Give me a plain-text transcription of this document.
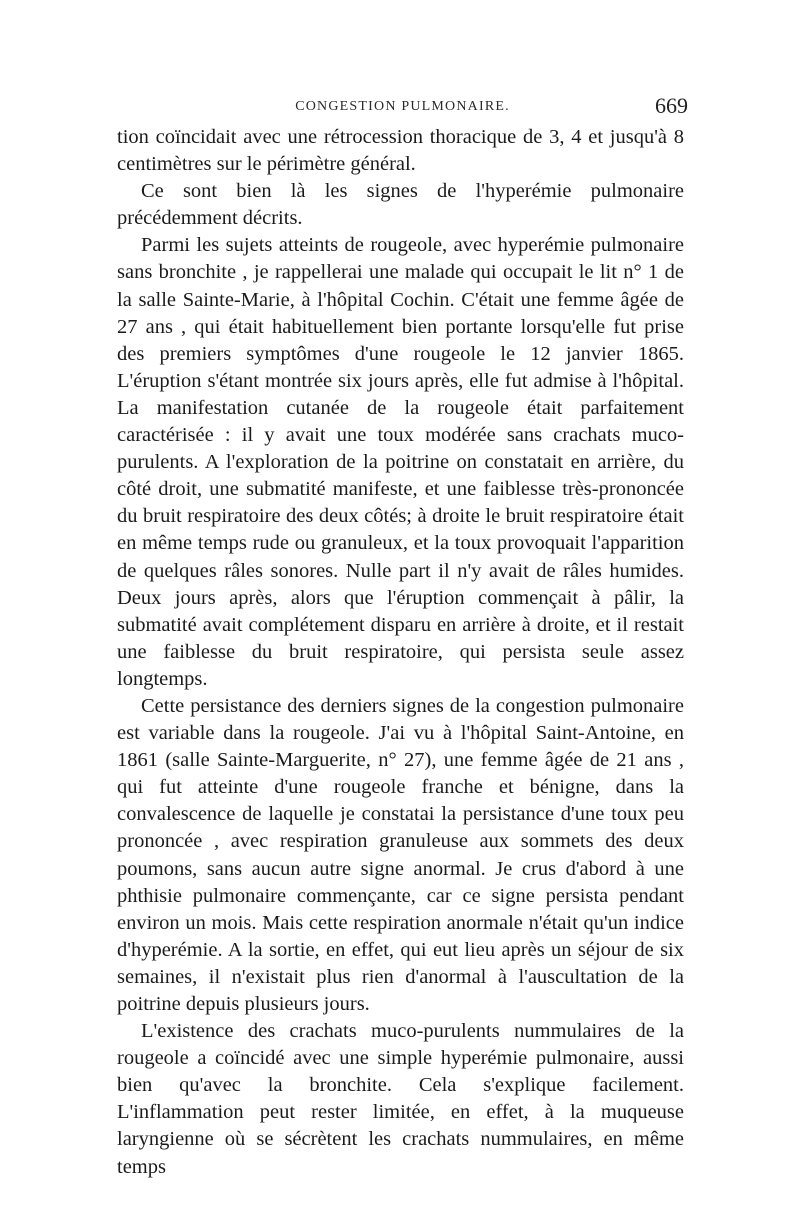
CONGESTION PULMONAIRE.	669

tion coïncidait avec une rétrocession thoracique de 3, 4 et jusqu'à 8 centimètres sur le périmètre général.

Ce sont bien là les signes de l'hyperémie pulmonaire précédemment décrits.

Parmi les sujets atteints de rougeole, avec hyperémie pulmonaire sans bronchite , je rappellerai une malade qui occupait le lit n° 1 de la salle Sainte-Marie, à l'hôpital Cochin. C'était une femme âgée de 27 ans , qui était habituellement bien portante lorsqu'elle fut prise des premiers symptômes d'une rougeole le 12 janvier 1865. L'éruption s'étant montrée six jours après, elle fut admise à l'hôpital. La manifestation cutanée de la rougeole était parfaitement caractérisée : il y avait une toux modérée sans crachats muco-purulents. A l'exploration de la poitrine on constatait en arrière, du côté droit, une submatité manifeste, et une faiblesse très-prononcée du bruit respiratoire des deux côtés; à droite le bruit respiratoire était en même temps rude ou granuleux, et la toux provoquait l'apparition de quelques râles sonores. Nulle part il n'y avait de râles humides. Deux jours après, alors que l'éruption commençait à pâlir, la submatité avait complétement disparu en arrière à droite, et il restait une faiblesse du bruit respiratoire, qui persista seule assez longtemps.

Cette persistance des derniers signes de la congestion pulmonaire est variable dans la rougeole. J'ai vu à l'hôpital Saint-Antoine, en 1861 (salle Sainte-Marguerite, n° 27), une femme âgée de 21 ans , qui fut atteinte d'une rougeole franche et bénigne, dans la convalescence de laquelle je constatai la persistance d'une toux peu prononcée , avec respiration granuleuse aux sommets des deux poumons, sans aucun autre signe anormal. Je crus d'abord à une phthisie pulmonaire commençante, car ce signe persista pendant environ un mois. Mais cette respiration anormale n'était qu'un indice d'hyperémie. A la sortie, en effet, qui eut lieu après un séjour de six semaines, il n'existait plus rien d'anormal à l'auscultation de la poitrine depuis plusieurs jours.

L'existence des crachats muco-purulents nummulaires de la rougeole a coïncidé avec une simple hyperémie pulmonaire, aussi bien qu'avec la bronchite. Cela s'explique facilement. L'inflammation peut rester limitée, en effet, à la muqueuse laryngienne où se sécrètent les crachats nummulaires, en même temps
